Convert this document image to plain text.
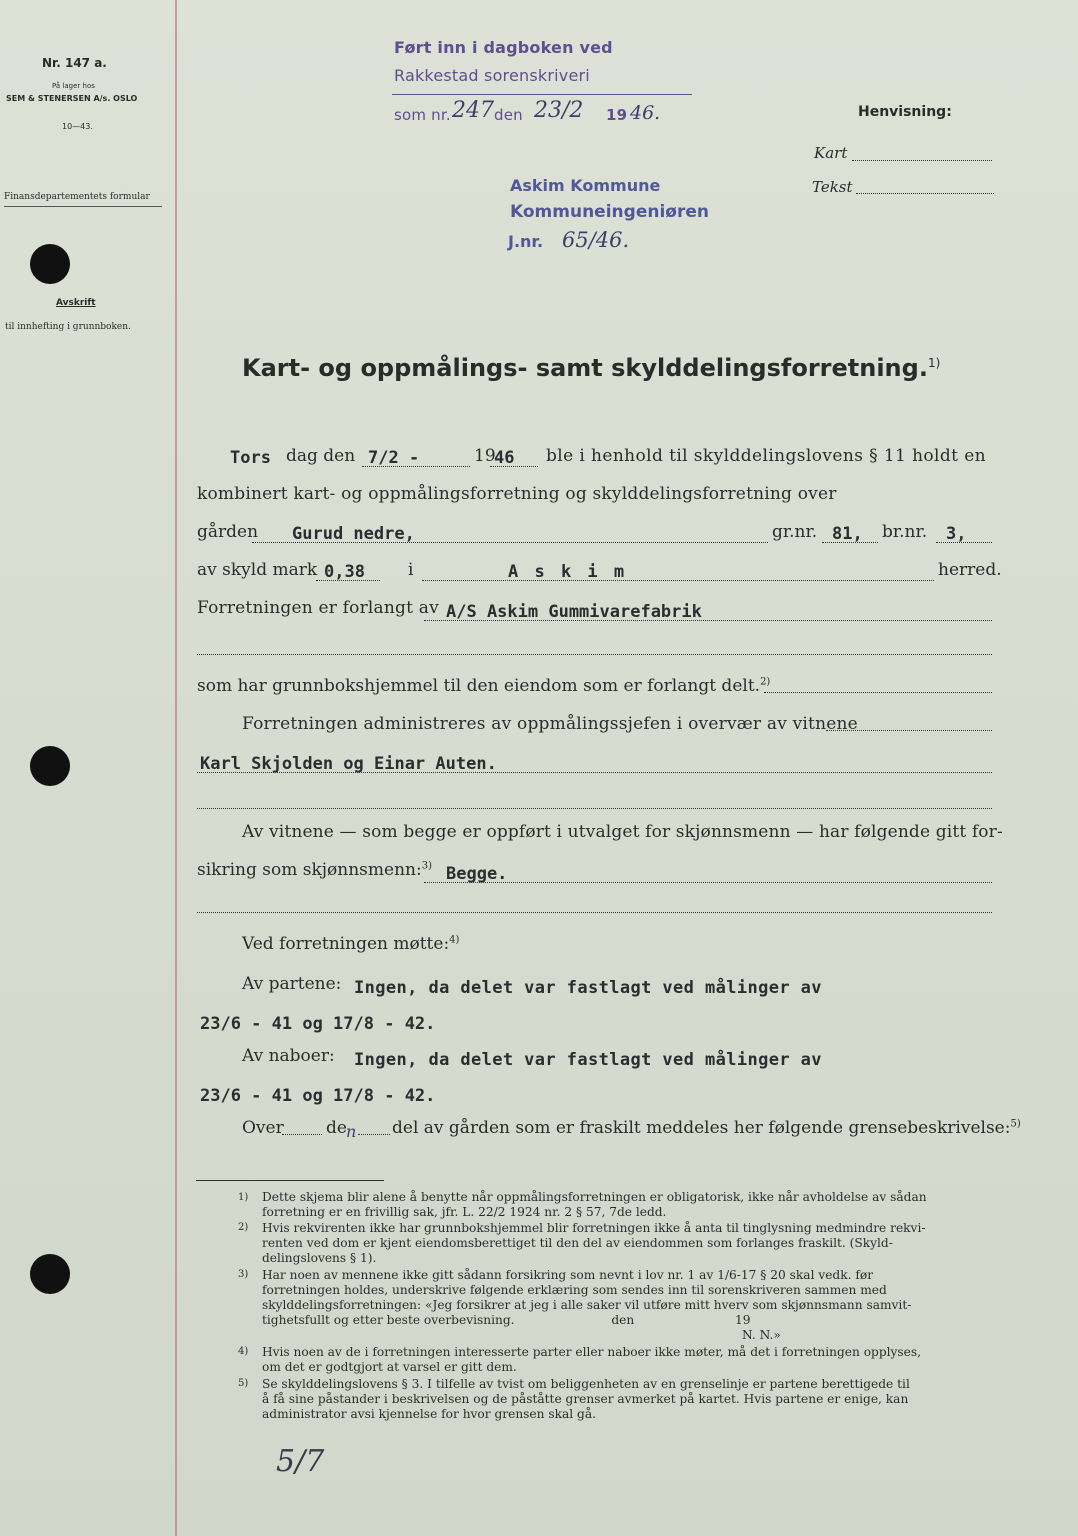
Nr. 147 a.
På lager hos
SEM & STENERSEN A/s. OSLO
10—43.
Finansdepartementets formular
Avskrift
til innhefting i grunnboken.
Ført inn i dagboken ved
Rakkestad sorenskriveri
som nr. 247 den 23/2 19 46.
Askim Kommune
Kommuneingeniøren
J.nr. 65/46.
Henvisning:
Kart
Tekst
Kart- og oppmålings- samt skylddelingsforretning.$^{1)}$
Tors dag den 7/2 -	19
46 ble i henhold til skylddelingslovens § 11 holdt en
kombinert kart- og oppmålingsforretning og skylddelingsforretning over
gården Gurud nedre,	gr.nr. 81, br.nr. 3,
av skyld mark 0,38	i	A s k i m	herred.
Forretningen er forlangt av A/S Askim Gummivarefabrik
som har grunnbokshjemmel til den eiendom som er forlangt delt.$^{2)}$
Forretningen administreres av oppmålingssjefen i overvær av vitnene
Karl Skjolden og Einar Auten.
Av vitnene — som begge er oppført i utvalget for skjønnsmenn — har følgende gitt for-
sikring som skjønnsmenn:$^{3)}$ Begge.
Ved forretningen møtte:$^{4)}$
Av partene: Ingen, da delet var fastlagt ved målinger av
23/6 - 41 og 17/8 - 42.
Av naboer: Ingen, da delet var fastlagt ved målinger av
23/6 - 41 og 17/8 - 42.
Over de n del av gården som er fraskilt meddeles her følgende grensebeskrivelse:$^{5)}$
1) Dette skjema blir alene å benytte når oppmålingsforretningen er obligatorisk, ikke når avholdelse av sådan
forretning er en frivillig sak, jfr. L. 22/2 1924 nr. 2 § 57, 7de ledd.
2) Hvis rekvirenten ikke har grunnbokshjemmel blir forretningen ikke å anta til tinglysning medmindre rekvi-
renten ved dom er kjent eiendomsberettiget til den del av eiendommen som forlanges fraskilt. (Skyld-
delingslovens § 1).
3) Har noen av mennene ikke gitt sådann forsikring som nevnt i lov nr. 1 av 1/6-17 § 20 skal vedk. før
forretningen holdes, underskrive følgende erklæring som sendes inn til sorenskriveren sammen med
skylddelingsforretningen: «Jeg forsikrer at jeg i alle saker vil utføre mitt hverv som skjønnsmann samvit-
tighetsfullt og etter beste overbevisning.                         den                          19
N. N.»
4) Hvis noen av de i forretningen interesserte parter eller naboer ikke møter, må det i forretningen opplyses,
om det er godtgjort at varsel er gitt dem.
5) Se skylddelingslovens § 3. I tilfelle av tvist om beliggenheten av en grenselinje er partene berettigede til
å få sine påstander i beskrivelsen og de påståtte grenser avmerket på kartet. Hvis partene er enige, kan
administrator avsi kjennelse for hvor grensen skal gå.
5/7
